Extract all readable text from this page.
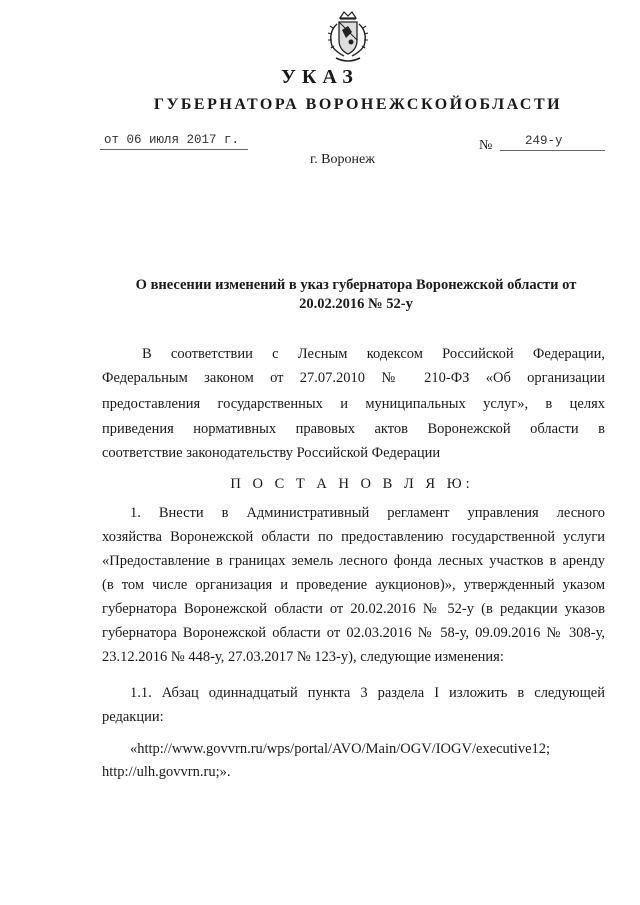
УКАЗ
ГУБЕРНАТОРА ВОРОНЕЖСКОЙОБЛАСТИ
от 06 июля 2017 г.	№	249-у
г. Воронеж
О внесении изменений в указ губернатора Воронежской области от
20.02.2016 № 52-у
В соответствии с Лесным кодексом Российской Федерации,
Федеральным законом от 27.07.2010 № 210-ФЗ «Об организации
предоставления государственных и муниципальных услуг», в целях
приведения нормативных правовых актов Воронежской области в
соответствие законодательству Российской Федерации
П О С Т А Н О В Л Я Ю:
1. Внести в Административный регламент управления лесного
хозяйства Воронежской области по предоставлению государственной услуги
«Предоставление в границах земель лесного фонда лесных участков в аренду
(в том числе организация и проведение аукционов)», утвержденный указом
губернатора Воронежской области от 20.02.2016 № 52-у (в редакции указов
губернатора Воронежской области от 02.03.2016 № 58-у, 09.09.2016 № 308-у,
23.12.2016 № 448-у, 27.03.2017 № 123-у), следующие изменения:
1.1. Абзац одиннадцатый пункта 3 раздела I изложить в следующей
редакции:
«http://www.govvrn.ru/wps/portal/AVO/Main/OGV/IOGV/executive12;
http://ulh.govvrn.ru;».
